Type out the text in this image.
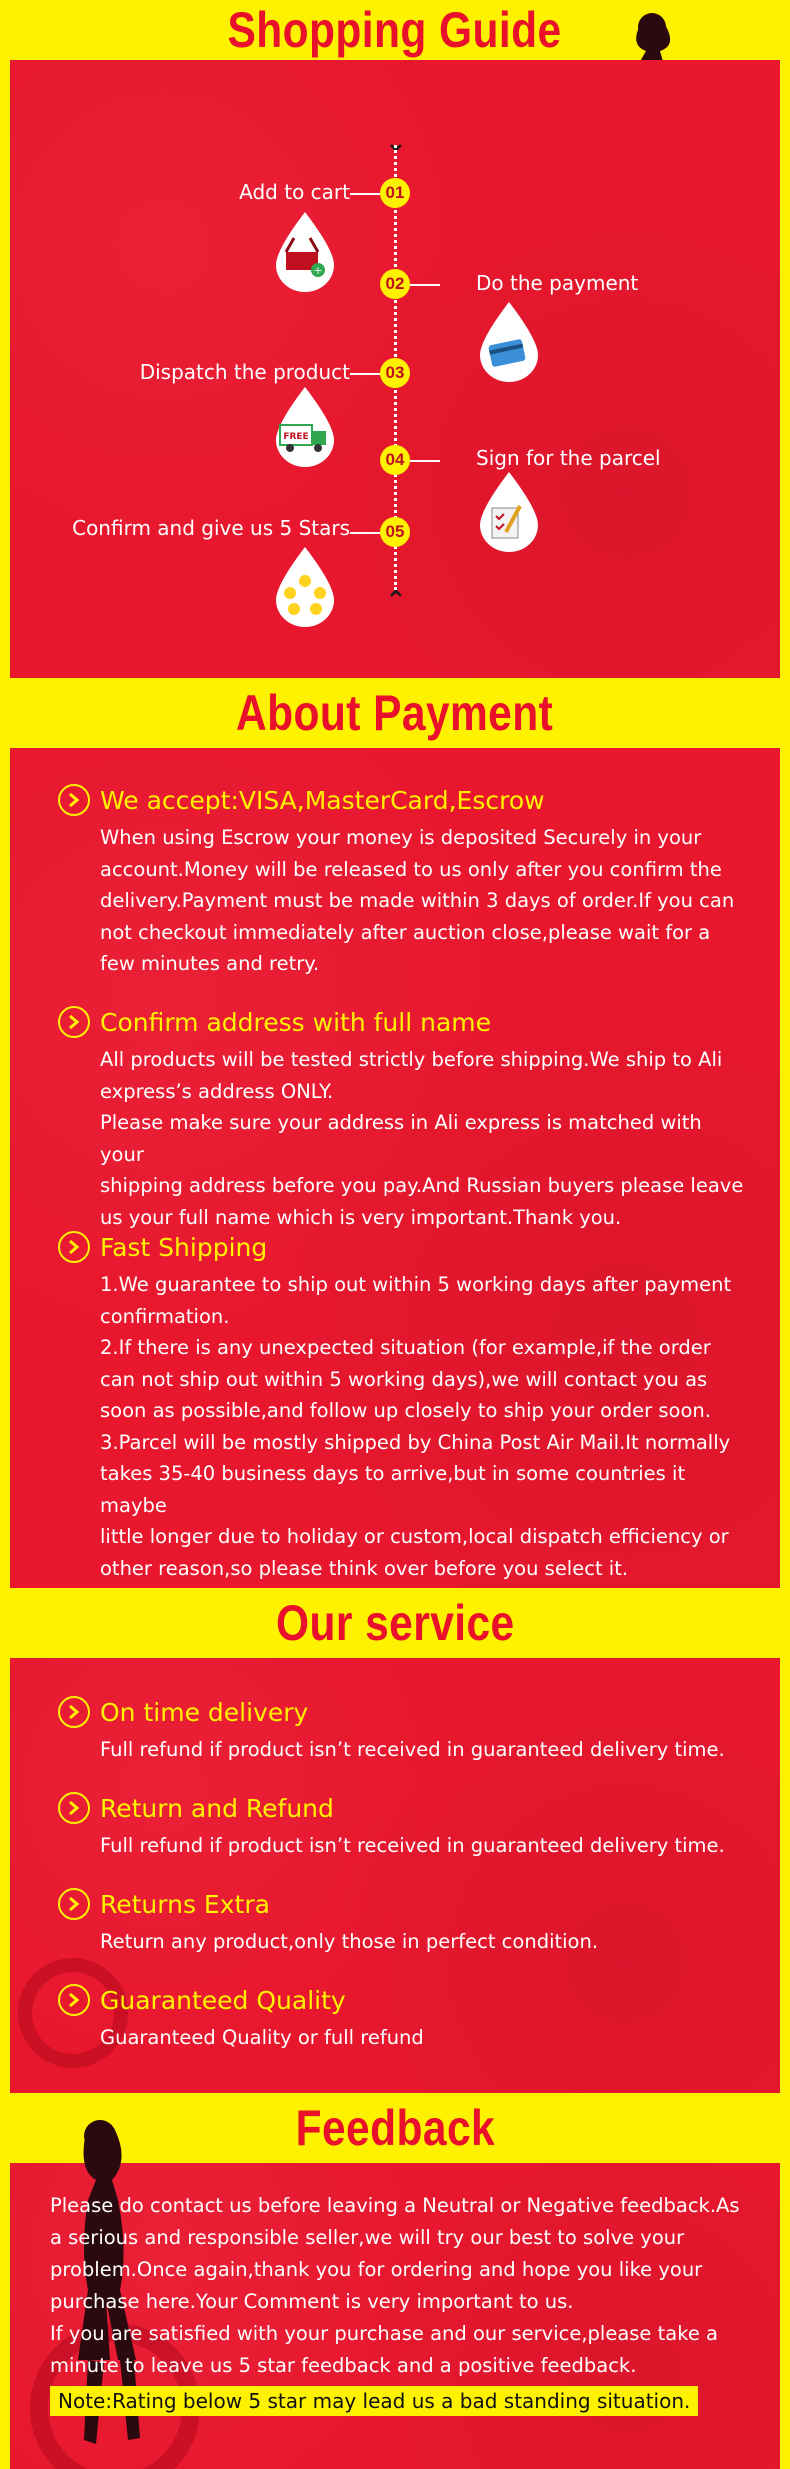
Shopping Guide
⌄
⌃
Add to cart	01
+
02	Do the payment
Dispatch the product	03
FREE
04	Sign for the parcel
Confirm and give us 5 Stars	05
About Payment
We accept:VISA,MasterCard,Escrow
When using Escrow your money is deposited Securely in your
account.Money will be released to us only after you confirm the
delivery.Payment must be made within 3 days of order.If you can
not checkout immediately after auction close,please wait for a
few minutes and retry.
Confirm address with full name
All products will be tested strictly before shipping.We ship to Ali
express’s address ONLY.
Please make sure your address in Ali express is matched with your
shipping address before you pay.And Russian buyers please leave
us your full name which is very important.Thank you.
Fast Shipping
1.We guarantee to ship out within 5 working days after payment
confirmation.
2.If there is any unexpected situation (for example,if the order
can not ship out within 5 working days),we will contact you as
soon as possible,and follow up closely to ship your order soon.
3.Parcel will be mostly shipped by China Post Air Mail.It normally
takes 35-40 business days to arrive,but in some countries it maybe
little longer due to holiday or custom,local dispatch efficiency or
other reason,so please think over before you select it.
Our service
On time delivery
Full refund if product isn’t received in guaranteed delivery time.
Return and Refund
Full refund if product isn’t received in guaranteed delivery time.
Returns Extra
Return any product,only those in perfect condition.
Guaranteed Quality
Guaranteed Quality or full refund
Feedback
Please do contact us before leaving a Neutral or Negative feedback.As
a serious and responsible seller,we will try our best to solve your
problem.Once again,thank you for ordering and hope you like your
purchase here.Your Comment is very important to us.
If you are satisfied with your purchase and our service,please take a
minute to leave us 5 star feedback and a positive feedback.
Note:Rating below 5 star may lead us a bad standing situation.
